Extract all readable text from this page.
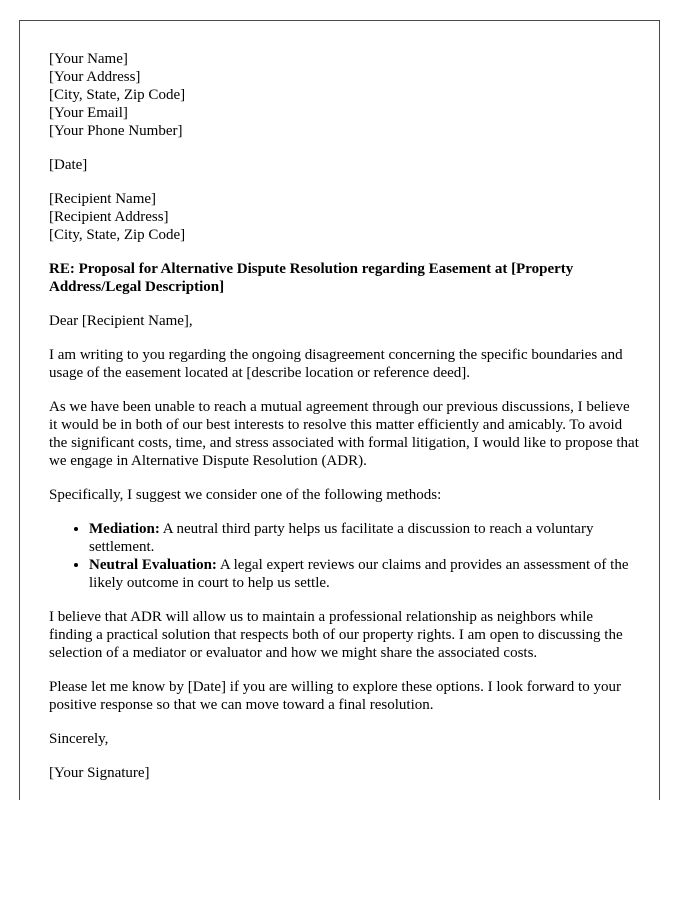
[Your Name]
[Your Address]
[City, State, Zip Code]
[Your Email]
[Your Phone Number]
[Date]
[Recipient Name]
[Recipient Address]
[City, State, Zip Code]

RE: Proposal for Alternative Dispute Resolution regarding Easement at [Property Address/Legal Description]

Dear [Recipient Name],

I am writing to you regarding the ongoing disagreement concerning the specific boundaries and usage of the easement located at [describe location or reference deed].

As we have been unable to reach a mutual agreement through our previous discussions, I believe it would be in both of our best interests to resolve this matter efficiently and amicably. To avoid the significant costs, time, and stress associated with formal litigation, I would like to propose that we engage in Alternative Dispute Resolution (ADR).

Specifically, I suggest we consider one of the following methods:

• Mediation: A neutral third party helps us facilitate a discussion to reach a voluntary settlement.
• Neutral Evaluation: A legal expert reviews our claims and provides an assessment of the likely outcome in court to help us settle.

I believe that ADR will allow us to maintain a professional relationship as neighbors while finding a practical solution that respects both of our property rights. I am open to discussing the selection of a mediator or evaluator and how we might share the associated costs.

Please let me know by [Date] if you are willing to explore these options. I look forward to your positive response so that we can move toward a final resolution.

Sincerely,

[Your Signature]
